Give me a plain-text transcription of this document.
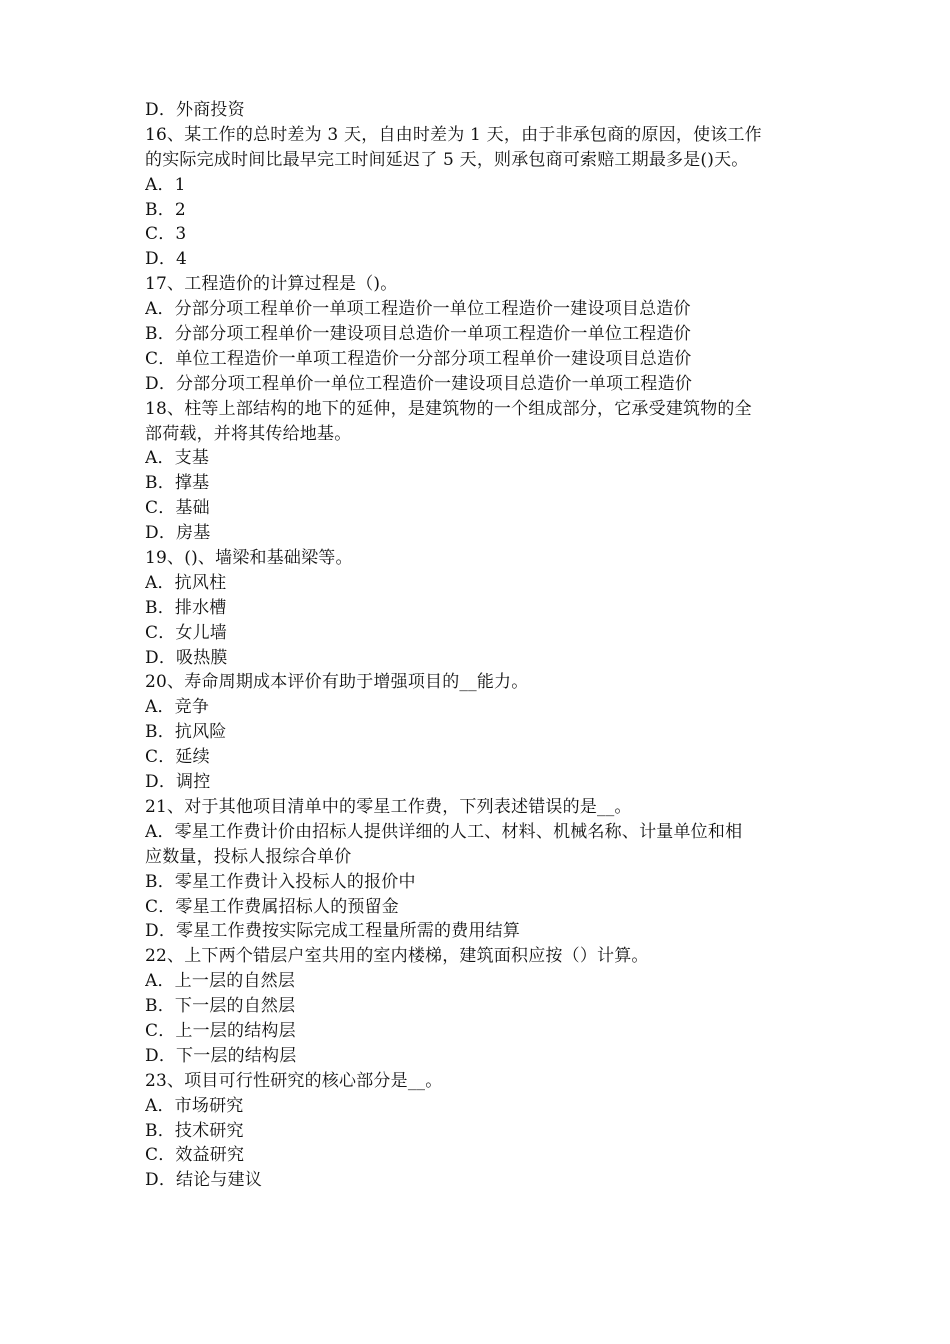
D．外商投资
16、某工作的总时差为 3 天，自由时差为 1 天，由于非承包商的原因，使该工作
的实际完成时间比最早完工时间延迟了 5 天，则承包商可索赔工期最多是()天。
A．1
B．2
C．3
D．4
17、工程造价的计算过程是（)。
A．分部分项工程单价一单项工程造价一单位工程造价一建设项目总造价
B．分部分项工程单价一建设项目总造价一单项工程造价一单位工程造价
C．单位工程造价一单项工程造价一分部分项工程单价一建设项目总造价
D．分部分项工程单价一单位工程造价一建设项目总造价一单项工程造价
18、柱等上部结构的地下的延伸，是建筑物的一个组成部分，它承受建筑物的全
部荷载，并将其传给地基。
A．支基
B．撑基
C．基础
D．房基
19、()、墙梁和基础梁等。
A．抗风柱
B．排水槽
C．女儿墙
D．吸热膜
20、寿命周期成本评价有助于增强项目的__能力。
A．竞争
B．抗风险
C．延续
D．调控
21、对于其他项目清单中的零星工作费，下列表述错误的是__。
A．零星工作费计价由招标人提供详细的人工、材料、机械名称、计量单位和相
应数量，投标人报综合单价
B．零星工作费计入投标人的报价中
C．零星工作费属招标人的预留金
D．零星工作费按实际完成工程量所需的费用结算
22、上下两个错层户室共用的室内楼梯，建筑面积应按（）计算。
A．上一层的自然层
B．下一层的自然层
C．上一层的结构层
D．下一层的结构层
23、项目可行性研究的核心部分是__。
A．市场研究
B．技术研究
C．效益研究
D．结论与建议
